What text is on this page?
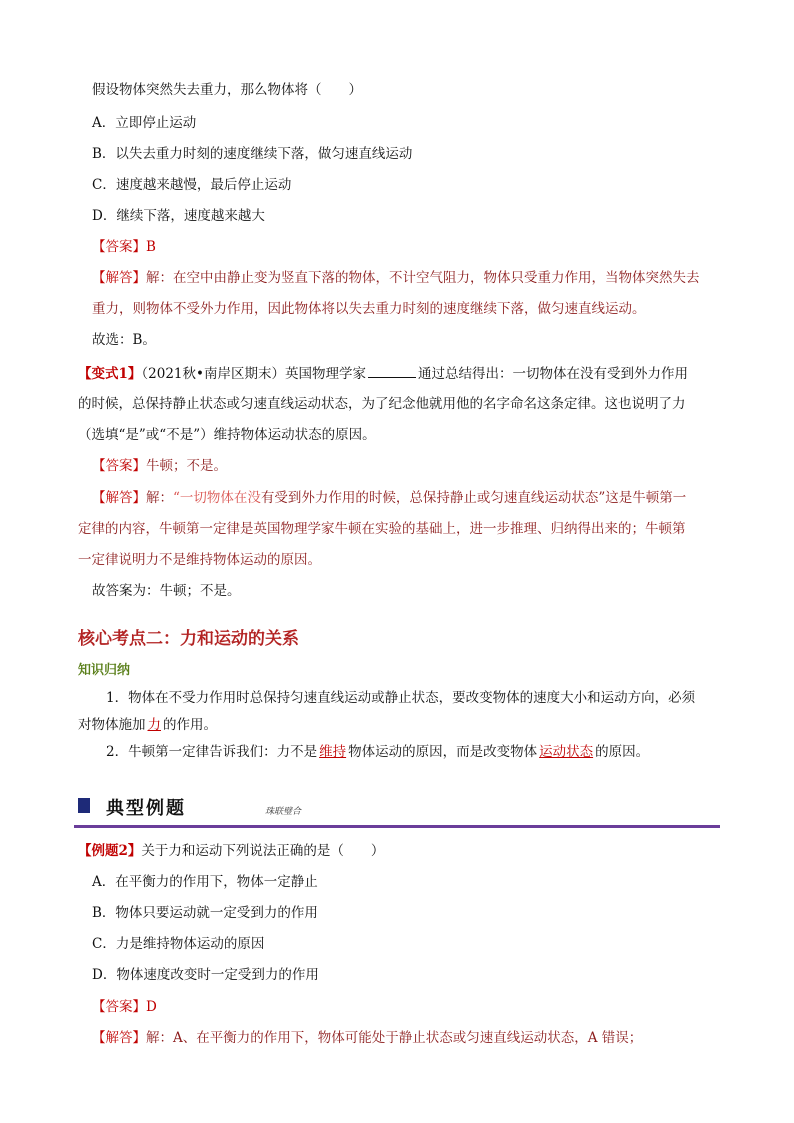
假设物体突然失去重力，那么物体将（　　）
A．立即停止运动
B．以失去重力时刻的速度继续下落，做匀速直线运动
C．速度越来越慢，最后停止运动
D．继续下落，速度越来越大
【答案】B
【解答】解：在空中由静止变为竖直下落的物体，不计空气阻力，物体只受重力作用，当物体突然失去
重力，则物体不受外力作用，因此物体将以失去重力时刻的速度继续下落，做匀速直线运动。
故选：B。
【变式1】（2021秋•南岸区期末）英国物理学家	通过总结得出：一切物体在没有受到外力作用
的时候，总保持静止状态或匀速直线运动状态，为了纪念他就用他的名字命名这条定律。这也说明了力
（选填“是”或“不是”）维持物体运动状态的原因。
【答案】牛顿；不是。
【解答】解：“一切物体在没有受到外力作用的时候，总保持静止或匀速直线运动状态”这是牛顿第一
定律的内容，牛顿第一定律是英国物理学家牛顿在实验的基础上，进一步推理、归纳得出来的；牛顿第
一定律说明力不是维持物体运动的原因。
故答案为：牛顿；不是。
核心考点二：力和运动的关系
知识归纳
1．物体在不受力作用时总保持匀速直线运动或静止状态，要改变物体的速度大小和运动方向，必须
对物体施加 力 的作用。
2．牛顿第一定律告诉我们：力不是 维持 物体运动的原因，而是改变物体 运动状态 的原因。
典型例题	珠联璧合
【例题2】关于力和运动下列说法正确的是（　　）
A．在平衡力的作用下，物体一定静止
B．物体只要运动就一定受到力的作用
C．力是维持物体运动的原因
D．物体速度改变时一定受到力的作用
【答案】D
【解答】解：A、在平衡力的作用下，物体可能处于静止状态或匀速直线运动状态，A 错误；
